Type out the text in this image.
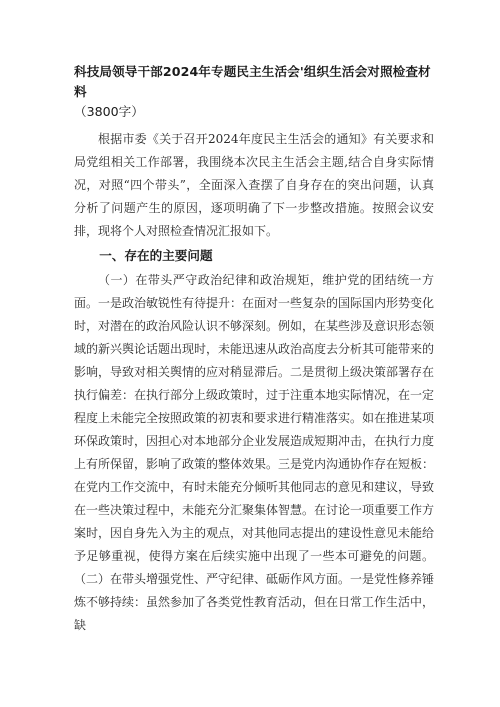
科技局领导干部2024年专题民主生活会'组织生活会对照检查材料

（3800字）

根据市委《关于召开2024年度民主生活会的通知》有关要求和局党组相关工作部署，我围绕本次民主生活会主题,结合自身实际情况，对照“四个带头”，全面深入查摆了自身存在的突出问题，认真分析了问题产生的原因，逐项明确了下一步整改措施。按照会议安排，现将个人对照检查情况汇报如下。

一、存在的主要问题

（一）在带头严守政治纪律和政治规矩，维护党的团结统一方面。一是政治敏锐性有待提升：在面对一些复杂的国际国内形势变化时，对潜在的政治风险认识不够深刻。例如，在某些涉及意识形态领域的新兴舆论话题出现时，未能迅速从政治高度去分析其可能带来的影响，导致对相关舆情的应对稍显滞后。二是贯彻上级决策部署存在执行偏差：在执行部分上级政策时，过于注重本地实际情况，在一定程度上未能完全按照政策的初衷和要求进行精准落实。如在推进某项环保政策时，因担心对本地部分企业发展造成短期冲击，在执行力度上有所保留，影响了政策的整体效果。三是党内沟通协作存在短板：在党内工作交流中，有时未能充分倾听其他同志的意见和建议，导致在一些决策过程中，未能充分汇聚集体智慧。在讨论一项重要工作方案时，因自身先入为主的观点，对其他同志提出的建设性意见未能给予足够重视，使得方案在后续实施中出现了一些本可避免的问题。（二）在带头增强党性、严守纪律、砥砺作风方面。一是党性修养锤炼不够持续：虽然参加了各类党性教育活动，但在日常工作生活中，缺
